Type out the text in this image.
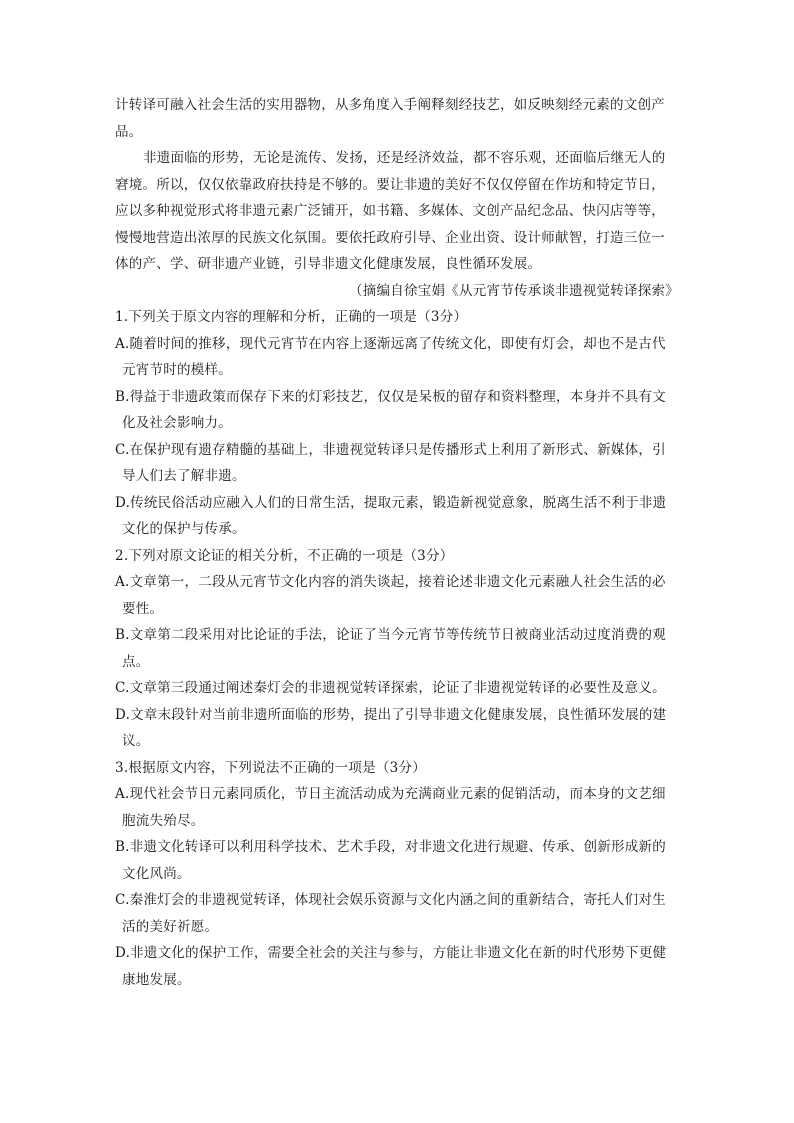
计转译可融入社会生活的实用器物，从多角度入手阐释刻经技艺，如反映刻经元素的文创产
品。
非遗面临的形势，无论是流传、发扬，还是经济效益，都不容乐观，还面临后继无人的
窘境。所以，仅仅依靠政府扶持是不够的。要让非遗的美好不仅仅停留在作坊和特定节日，
应以多种视觉形式将非遗元素广泛铺开，如书籍、多媒体、文创产品纪念品、快闪店等等，
慢慢地营造出浓厚的民族文化氛围。要依托政府引导、企业出资、设计师献智，打造三位一
体的产、学、研非遗产业链，引导非遗文化健康发展，良性循环发展。
（摘编自徐宝娟《从元宵节传承谈非遗视觉转译探索》
1.下列关于原文内容的理解和分析，正确的一项是（3分）
A.随着时间的推移，现代元宵节在内容上逐渐远离了传统文化，即使有灯会，却也不是古代
元宵节时的模样。
B.得益于非遗政策而保存下来的灯彩技艺，仅仅是呆板的留存和资料整理，本身并不具有文
化及社会影响力。
C.在保护现有遗存精髓的基础上，非遗视觉转译只是传播形式上利用了新形式、新媒体，引
导人们去了解非遗。
D.传统民俗活动应融入人们的日常生活，提取元素，锻造新视觉意象，脱离生活不利于非遗
文化的保护与传承。
2.下列对原文论证的相关分析，不正确的一项是（3分）
A.文章第一，二段从元宵节文化内容的消失谈起，接着论述非遗文化元素融人社会生活的必
要性。
B.文章第二段采用对比论证的手法，论证了当今元宵节等传统节日被商业活动过度消费的观
点。
C.文章第三段通过阐述秦灯会的非遗视觉转译探索，论证了非遗视觉转译的必要性及意义。
D.文章末段针对当前非遗所面临的形势，提出了引导非遗文化健康发展，良性循环发展的建
议。
3.根据原文内容，下列说法不正确的一项是（3分）
A.现代社会节日元素同质化，节日主流活动成为充满商业元素的促销活动，而本身的文艺细
胞流失殆尽。
B.非遗文化转译可以利用科学技术、艺术手段，对非遗文化进行规避、传承、创新形成新的
文化风尚。
C.秦淮灯会的非遗视觉转译，体现社会娱乐资源与文化内涵之间的重新结合，寄托人们对生
活的美好祈愿。
D.非遗文化的保护工作，需要全社会的关注与参与，方能让非遗文化在新的时代形势下更健
康地发展。
